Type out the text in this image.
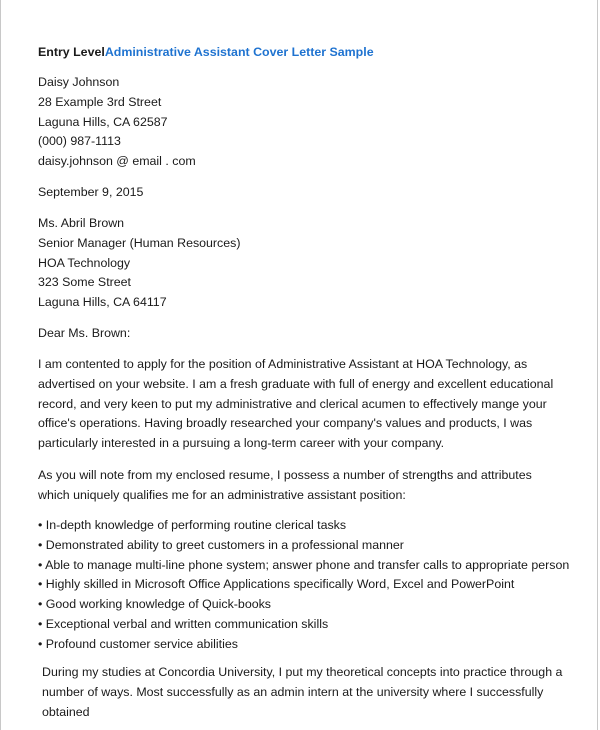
Entry LevelAdministrative Assistant Cover Letter Sample
Daisy Johnson
28 Example 3rd Street
Laguna Hills, CA 62587
(000) 987-1113
daisy.johnson @ email . com
September 9, 2015
Ms. Abril Brown
Senior Manager (Human Resources)
HOA Technology
323 Some Street
Laguna Hills, CA 64117
Dear Ms. Brown:
I am contented to apply for the position of Administrative Assistant at HOA Technology, as advertised on your website. I am a fresh graduate with full of energy and excellent educational record, and very keen to put my administrative and clerical acumen to effectively mange your office's operations. Having broadly researched your company's values and products, I was particularly interested in a pursuing a long-term career with your company.
As you will note from my enclosed resume, I possess a number of strengths and attributes which uniquely qualifies me for an administrative assistant position:
• In-depth knowledge of performing routine clerical tasks
• Demonstrated ability to greet customers in a professional manner
• Able to manage multi-line phone system; answer phone and transfer calls to appropriate person
• Highly skilled in Microsoft Office Applications specifically Word, Excel and PowerPoint
• Good working knowledge of Quick-books
• Exceptional verbal and written communication skills
• Profound customer service abilities
During my studies at Concordia University, I put my theoretical concepts into practice through a number of ways. Most successfully as an admin intern at the university where I successfully obtained
